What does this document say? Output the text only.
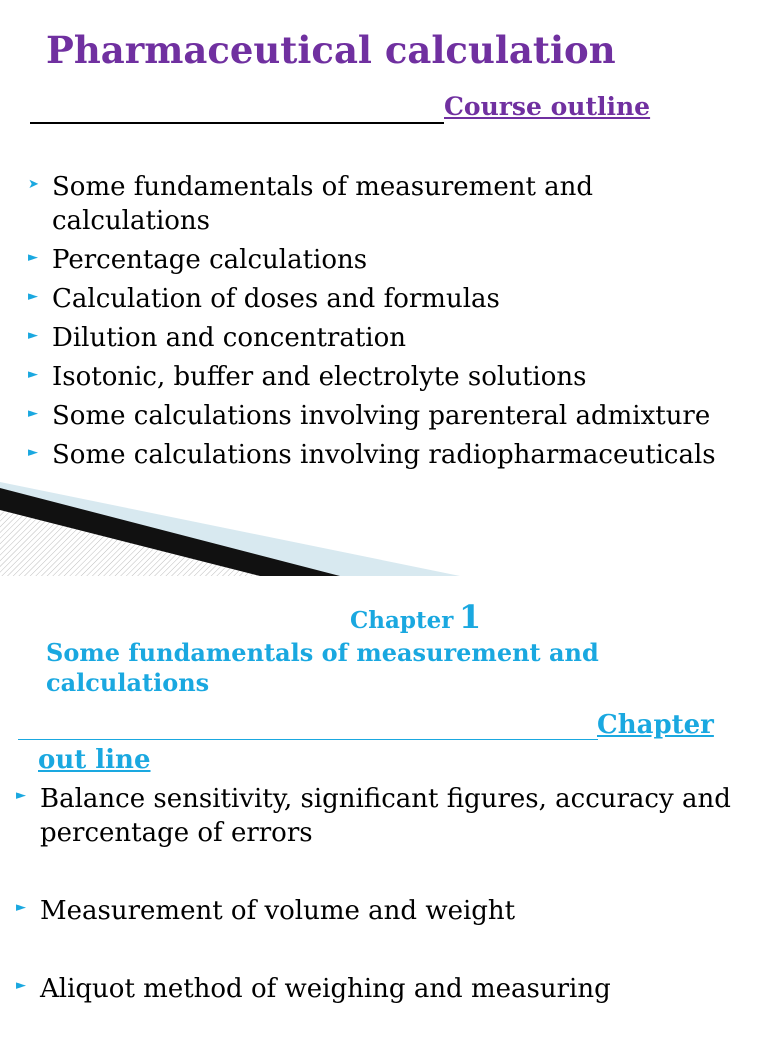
Pharmaceutical calculation
Course outline
➤ Some fundamentals of measurement and calculations
► Percentage calculations
► Calculation of doses and formulas
► Dilution and concentration
► Isotonic, buffer and electrolyte solutions
► Some calculations involving parenteral admixture
► Some calculations involving radiopharmaceuticals
Chapter 1
Some fundamentals of measurement and calculations
Chapter
out line
► Balance sensitivity, significant figures, accuracy and percentage of errors
► Measurement of volume and weight
► Aliquot method of weighing and measuring
